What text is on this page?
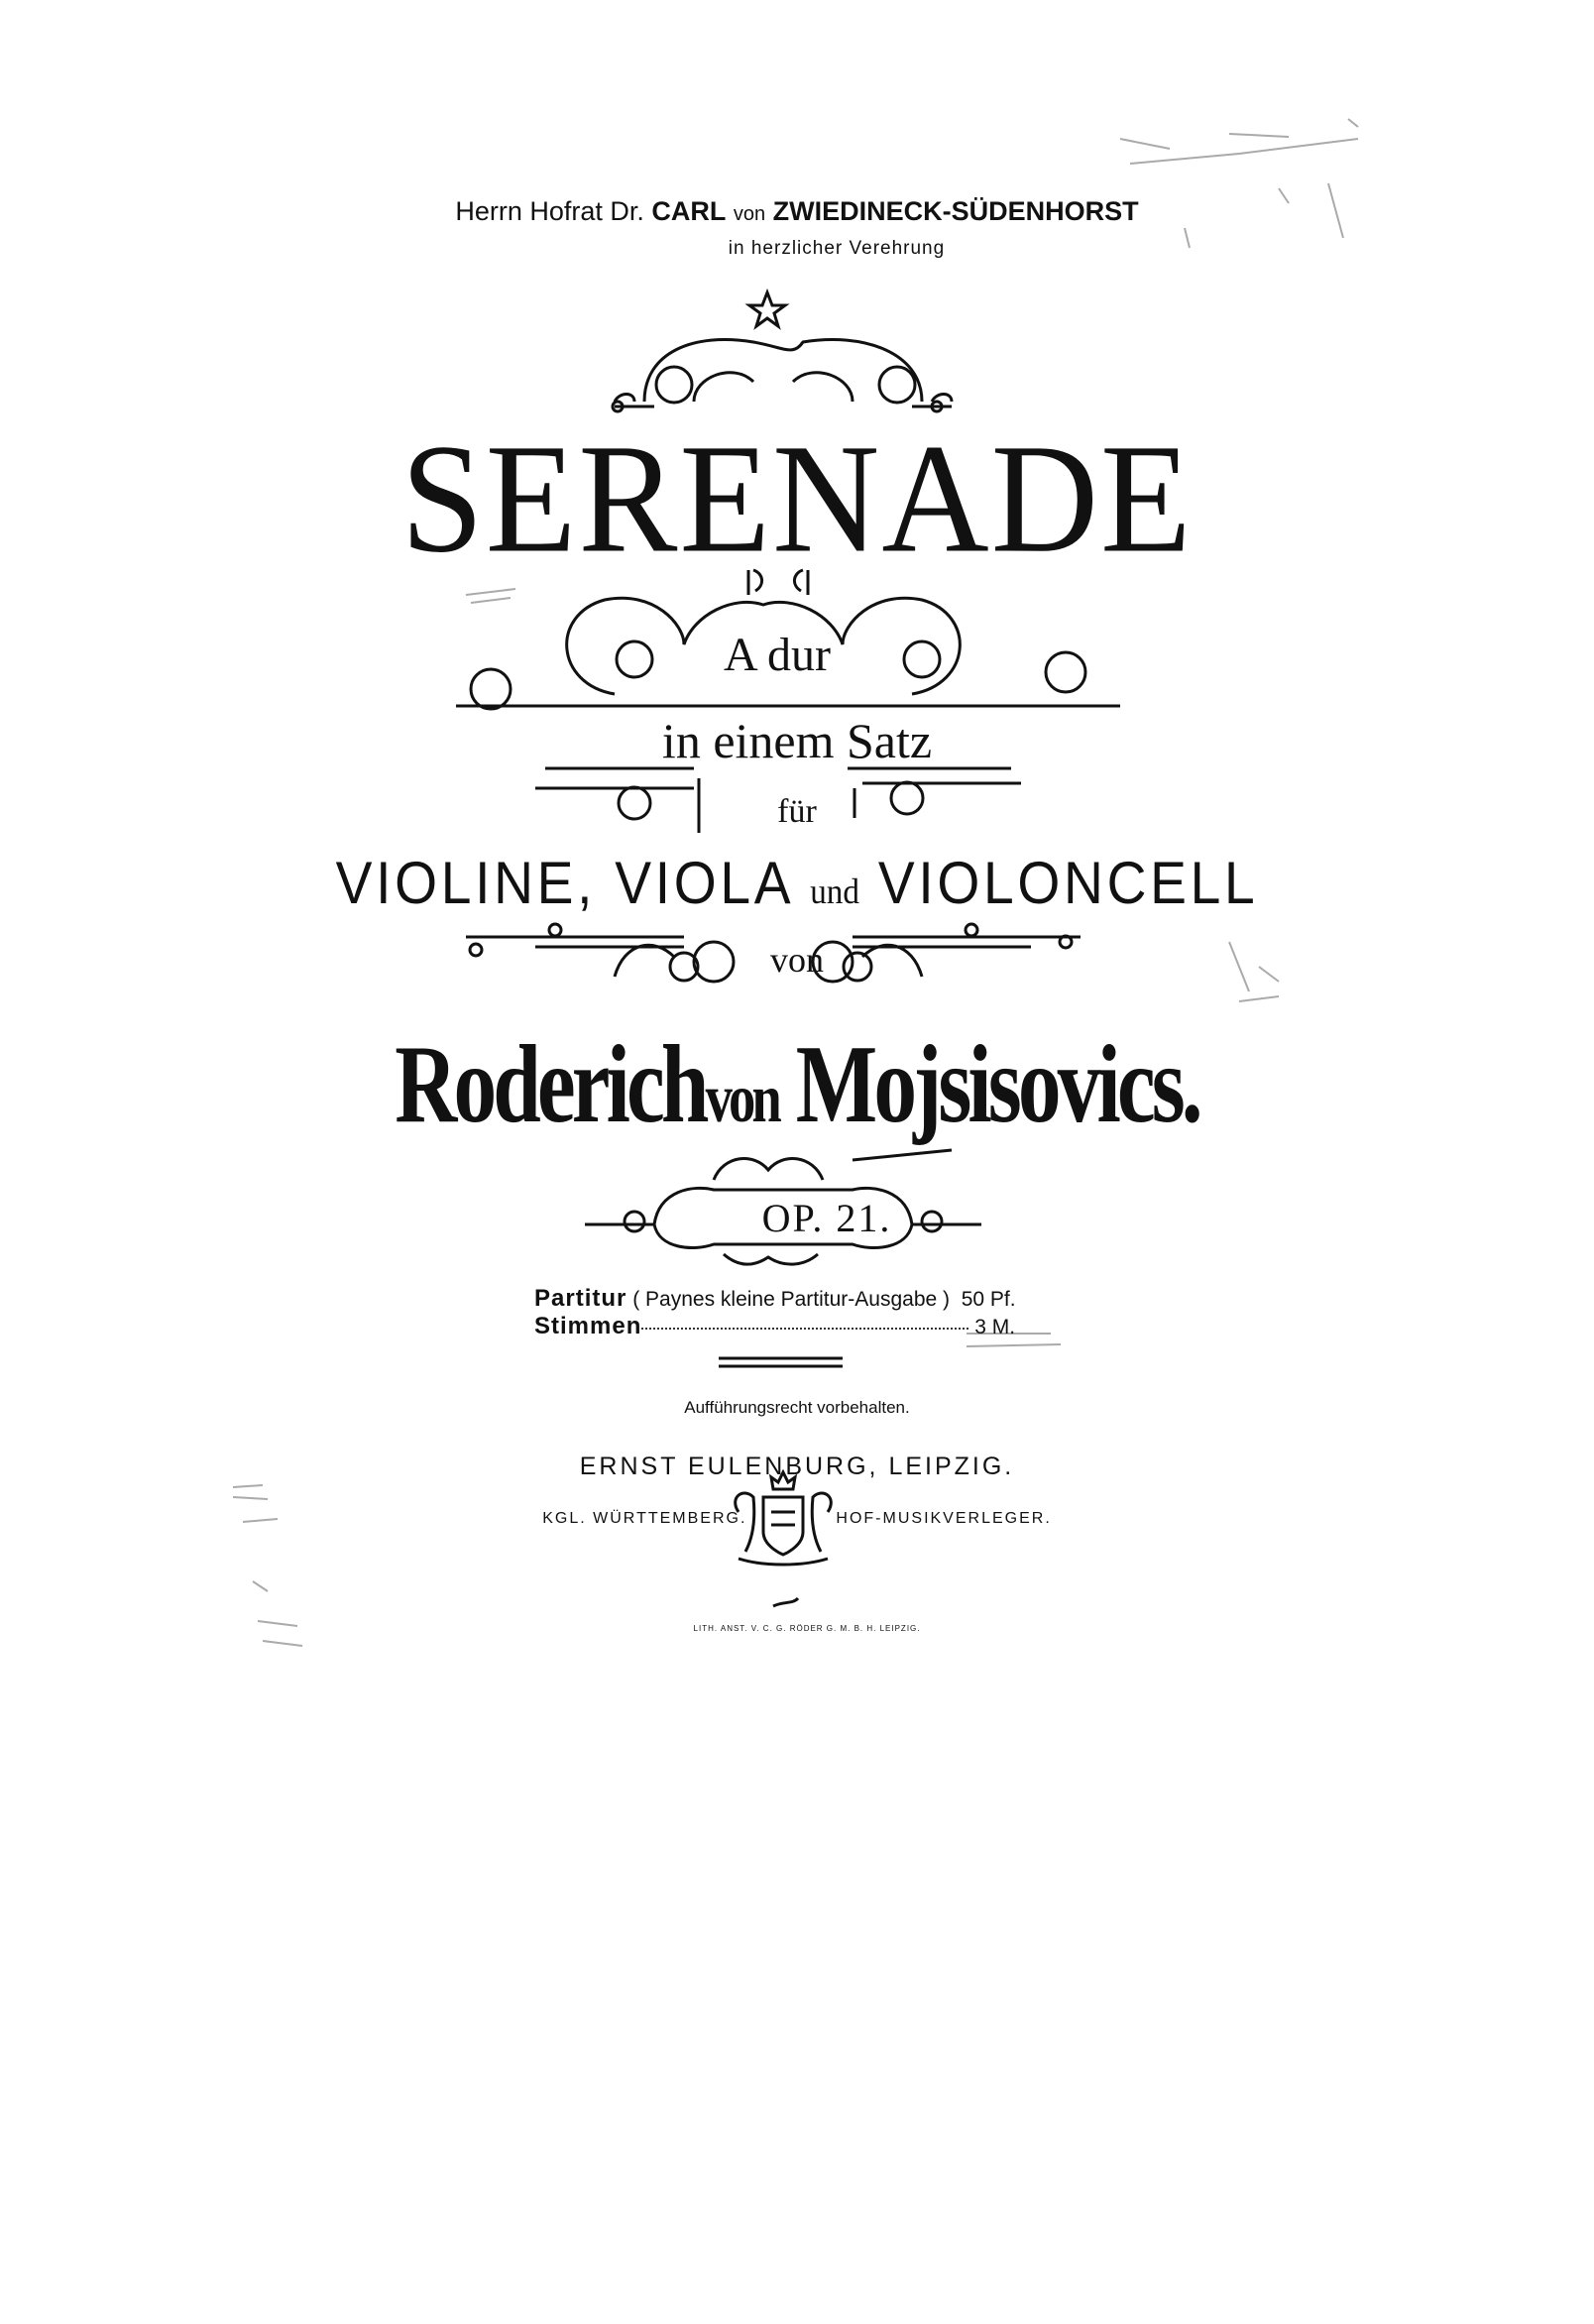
Herrn Hofrat Dr. CARL von ZWIEDINECK-SÜDENHORST
in herzlicher Verehrung
SERENADE
A dur
in einem Satz
für
VIOLINE, VIOLA und VIOLONCELL
von
Roderichvon Mojsisovics.
OP. 21.
Partitur ( Paynes kleine Partitur-Ausgabe ) 50 Pf.
Stimmen	3 M.
Aufführungsrecht vorbehalten.
ERNST EULENBURG, LEIPZIG.
KGL. WÜRTTEMBERG.	HOF-MUSIKVERLEGER.
LITH. ANST. V. C. G. RÖDER G. M. B. H. LEIPZIG.
